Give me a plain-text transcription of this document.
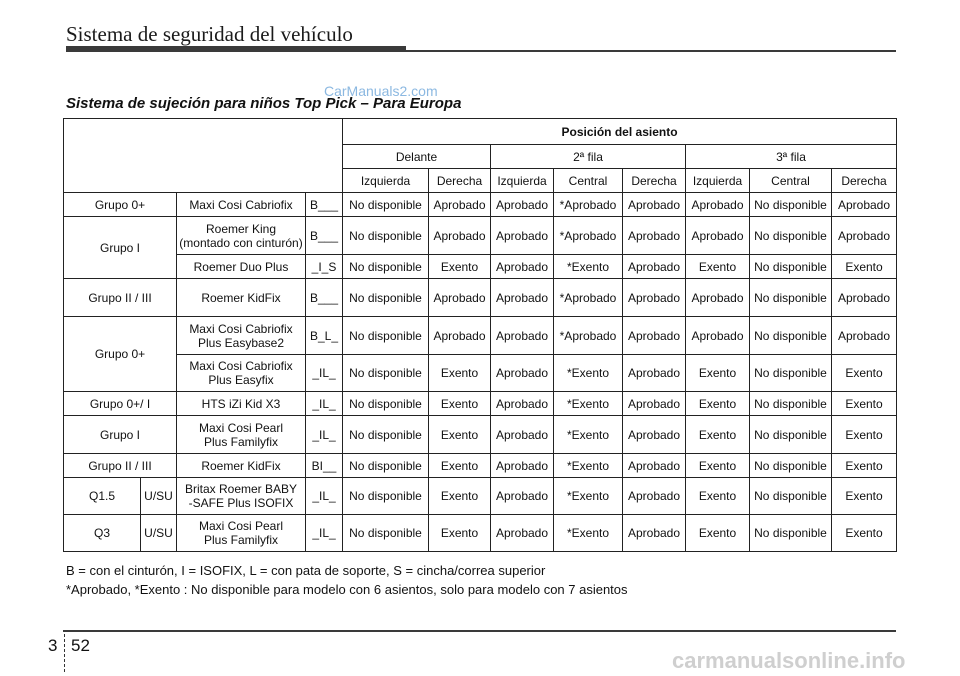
Sistema de seguridad del vehículo
Sistema de sujeción para niños Top Pick – Para Europa
CarManuals2.com
				Posición del asiento							
				Delante		2ª fila			3ª fila		
				Izquierda	Derecha	Izquierda	Central	Derecha	Izquierda	Central	Derecha
Grupo 0+		Maxi Cosi Cabriofix	B___	No disponible	Aprobado	Aprobado	*Aprobado	Aprobado	Aprobado	No disponible	Aprobado
Grupo I		Roemer King
(montado con cinturón)	B___	No disponible	Aprobado	Aprobado	*Aprobado	Aprobado	Aprobado	No disponible	Aprobado
		Roemer Duo Plus	_I_S	No disponible	Exento	Aprobado	*Exento	Aprobado	Exento	No disponible	Exento
Grupo II / III		Roemer KidFix	B___	No disponible	Aprobado	Aprobado	*Aprobado	Aprobado	Aprobado	No disponible	Aprobado
Grupo 0+		Maxi Cosi Cabriofix
Plus Easybase2	B_L_	No disponible	Aprobado	Aprobado	*Aprobado	Aprobado	Aprobado	No disponible	Aprobado
		Maxi Cosi Cabriofix
Plus Easyfix	_IL_	No disponible	Exento	Aprobado	*Exento	Aprobado	Exento	No disponible	Exento
Grupo 0+/ I		HTS iZi Kid X3	_IL_	No disponible	Exento	Aprobado	*Exento	Aprobado	Exento	No disponible	Exento
Grupo I		Maxi Cosi Pearl
Plus Familyfix	_IL_	No disponible	Exento	Aprobado	*Exento	Aprobado	Exento	No disponible	Exento
Grupo II / III		Roemer KidFix	BI__	No disponible	Exento	Aprobado	*Exento	Aprobado	Exento	No disponible	Exento
Q1.5	U/SU	Britax Roemer BABY
-SAFE Plus ISOFIX	_IL_	No disponible	Exento	Aprobado	*Exento	Aprobado	Exento	No disponible	Exento
Q3	U/SU	Maxi Cosi Pearl
Plus Familyfix	_IL_	No disponible	Exento	Aprobado	*Exento	Aprobado	Exento	No disponible	Exento
B = con el cinturón, I = ISOFIX, L = con pata de soporte, S = cincha/correa superior
*Aprobado, *Exento : No disponible para modelo con 6 asientos, solo para modelo con 7 asientos
3 52
carmanualsonline.info
